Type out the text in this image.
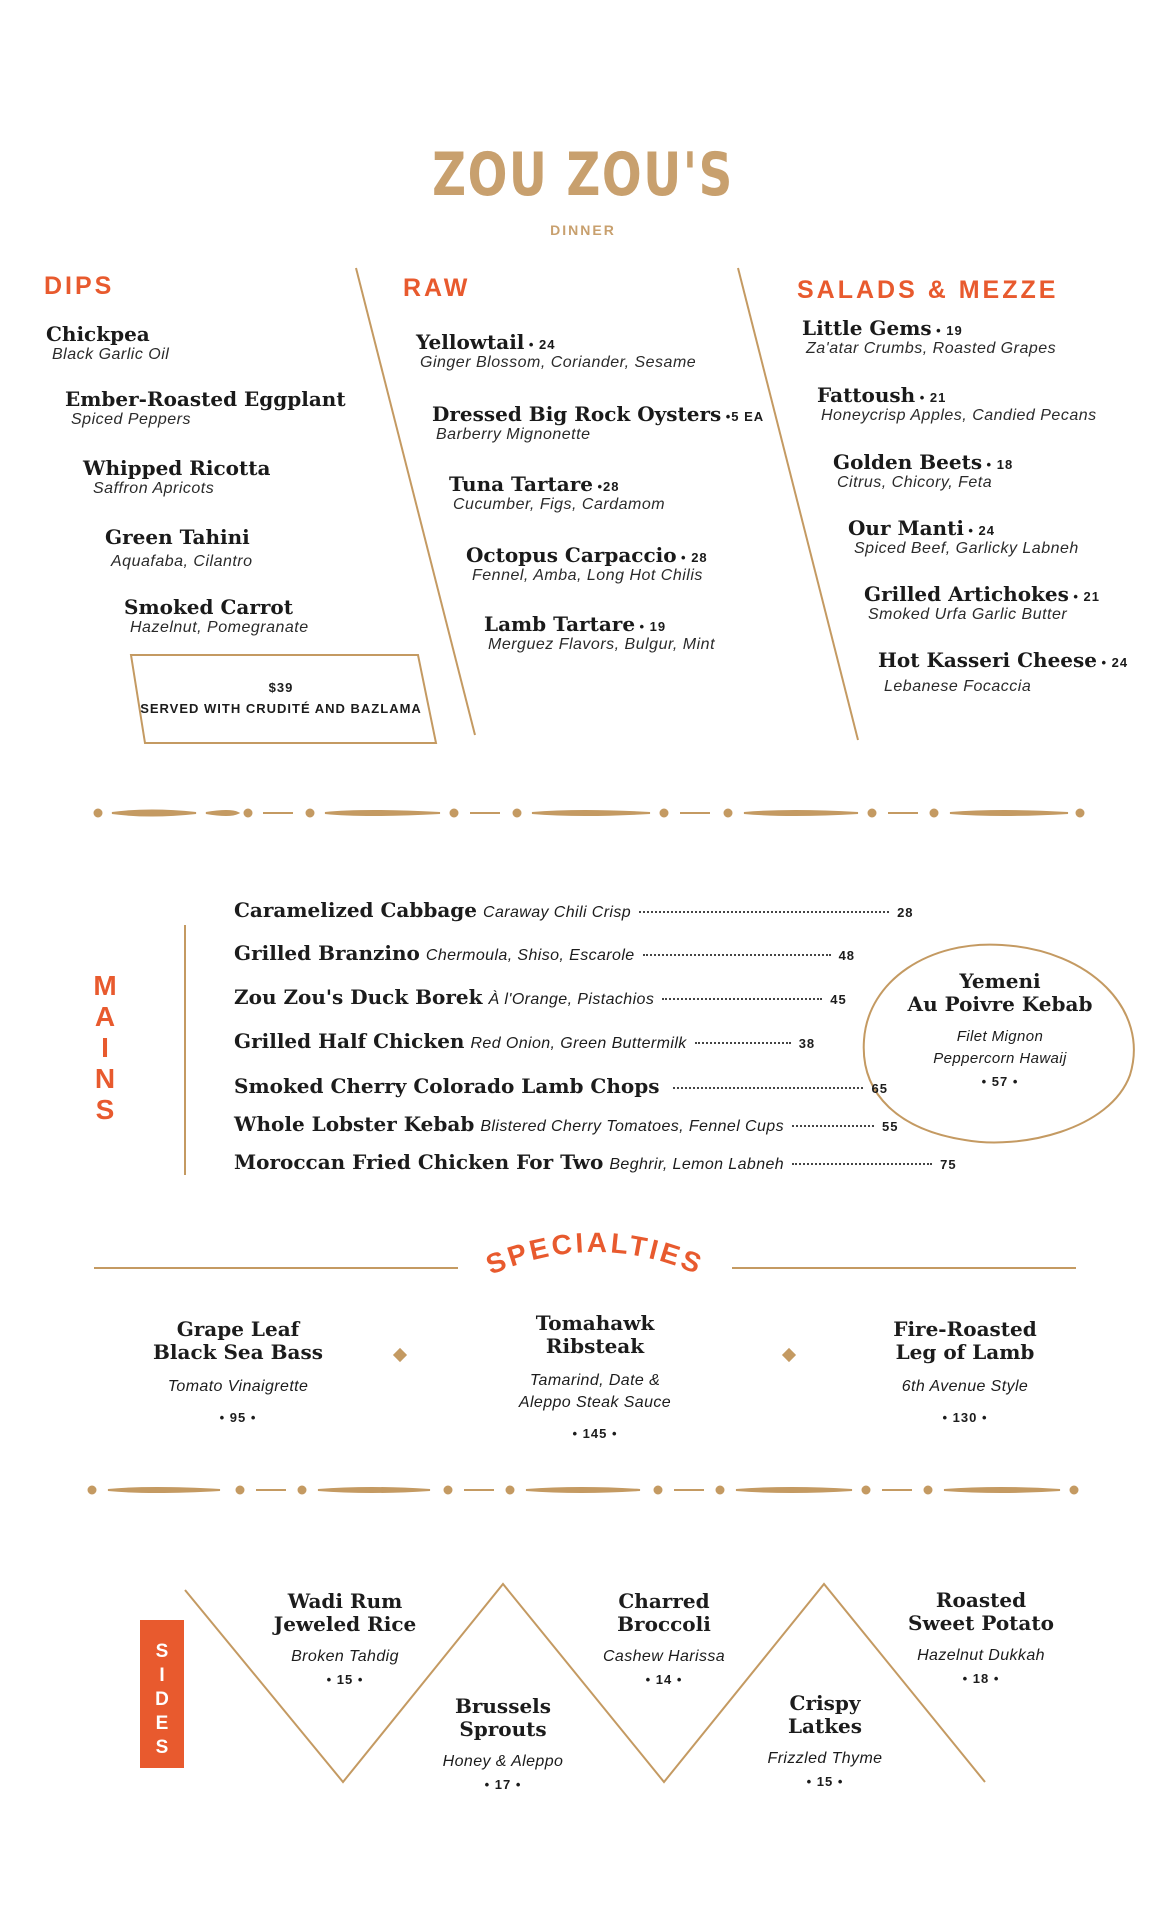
ZOU ZOU'S
DINNER
DIPS
Chickpea
Black Garlic Oil
Ember-Roasted Eggplant
Spiced Peppers
Whipped Ricotta
Saffron Apricots
Green Tahini
Aquafaba, Cilantro
Smoked Carrot
Hazelnut, Pomegranate
$39
SERVED WITH CRUDITÉ AND BAZLAMA
RAW
Yellowtail • 24
Ginger Blossom, Coriander, Sesame
Dressed Big Rock Oysters •5 EA
Barberry Mignonette
Tuna Tartare •28
Cucumber, Figs, Cardamom
Octopus Carpaccio • 28
Fennel, Amba, Long Hot Chilis
Lamb Tartare • 19
Merguez Flavors, Bulgur, Mint
SALADS & MEZZE
Little Gems • 19
Za'atar Crumbs, Roasted Grapes
Fattoush • 21
Honeycrisp Apples, Candied Pecans
Golden Beets • 18
Citrus, Chicory, Feta
Our Manti • 24
Spiced Beef, Garlicky Labneh
Grilled Artichokes • 21
Smoked Urfa Garlic Butter
Hot Kasseri Cheese • 24
Lebanese Focaccia
M
A
I
N
S
Caramelized Cabbage Caraway Chili Crisp	28
Grilled Branzino Chermoula, Shiso, Escarole	48
Zou Zou's Duck Borek À l'Orange, Pistachios	45
Grilled Half Chicken Red Onion, Green Buttermilk	38
Smoked Cherry Colorado Lamb Chops	65
Whole Lobster Kebab Blistered Cherry Tomatoes, Fennel Cups	55
Moroccan Fried Chicken For Two Beghrir, Lemon Labneh	75
Yemeni
Au Poivre Kebab
Filet Mignon
Peppercorn Hawaij
• 57 •
SPECIALTIES
Grape Leaf
Black Sea Bass
Tomato Vinaigrette
• 95 •
Tomahawk
Ribsteak
Tamarind, Date &
Aleppo Steak Sauce
• 145 •
Fire-Roasted
Leg of Lamb
6th Avenue Style
• 130 •
S
I
D
E
S
Wadi Rum
Jeweled Rice
Broken Tahdig
• 15 •
Brussels
Sprouts
Honey & Aleppo
• 17 •
Charred
Broccoli
Cashew Harissa
• 14 •
Crispy
Latkes
Frizzled Thyme
• 15 •
Roasted
Sweet Potato
Hazelnut Dukkah
• 18 •
